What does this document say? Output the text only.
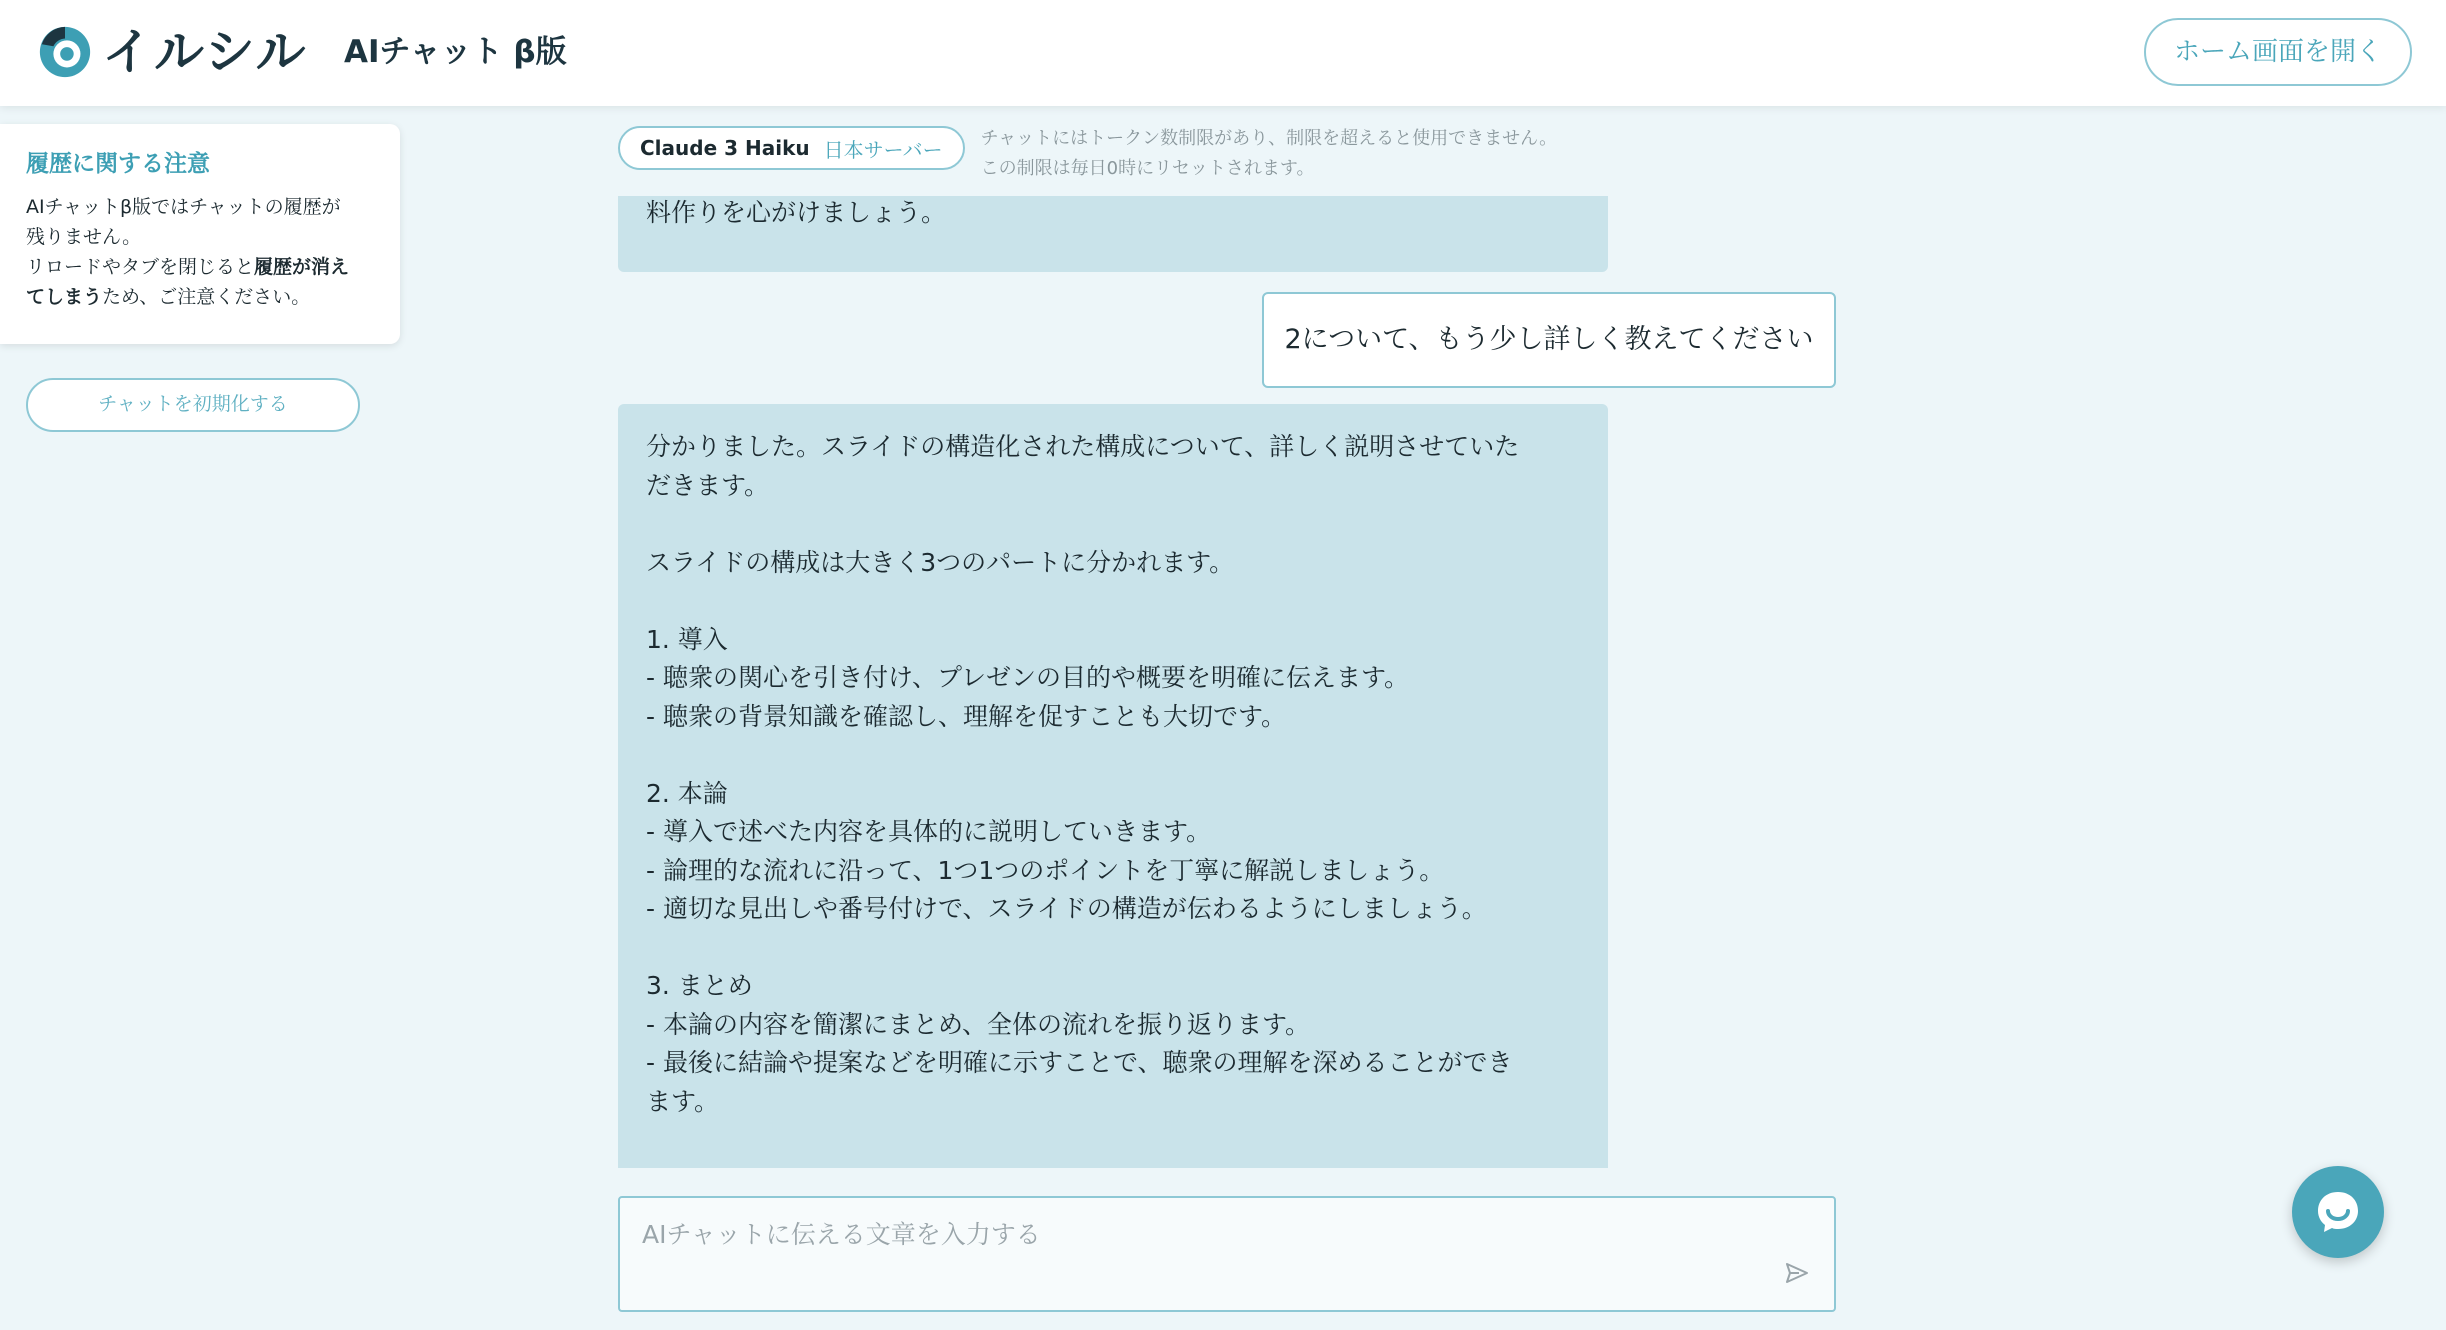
イルシル AIチャット β版	ホーム画面を開く
履歴に関する注意
AIチャットβ版ではチャットの履歴が
残りません。
リロードやタブを閉じると履歴が消え
てしまうため、ご注意ください。
チャットを初期化する
Claude 3 Haiku 日本サーバー チャットにはトークン数制限があり、制限を超えると使用できません。
この制限は毎日0時にリセットされます。
料作りを心がけましょう。
2について、もう少し詳しく教えてください
分かりました。スライドの構造化された構成について、詳しく説明させていた
だきます。
スライドの構成は大きく3つのパートに分かれます。
1. 導入
- 聴衆の関心を引き付け、プレゼンの目的や概要を明確に伝えます。
- 聴衆の背景知識を確認し、理解を促すことも大切です。
2. 本論
- 導入で述べた内容を具体的に説明していきます。
- 論理的な流れに沿って、1つ1つのポイントを丁寧に解説しましょう。
- 適切な見出しや番号付けで、スライドの構造が伝わるようにしましょう。
3. まとめ
- 本論の内容を簡潔にまとめ、全体の流れを振り返ります。
- 最後に結論や提案などを明確に示すことで、聴衆の理解を深めることができ
ます。
AIチャットに伝える文章を入力する
